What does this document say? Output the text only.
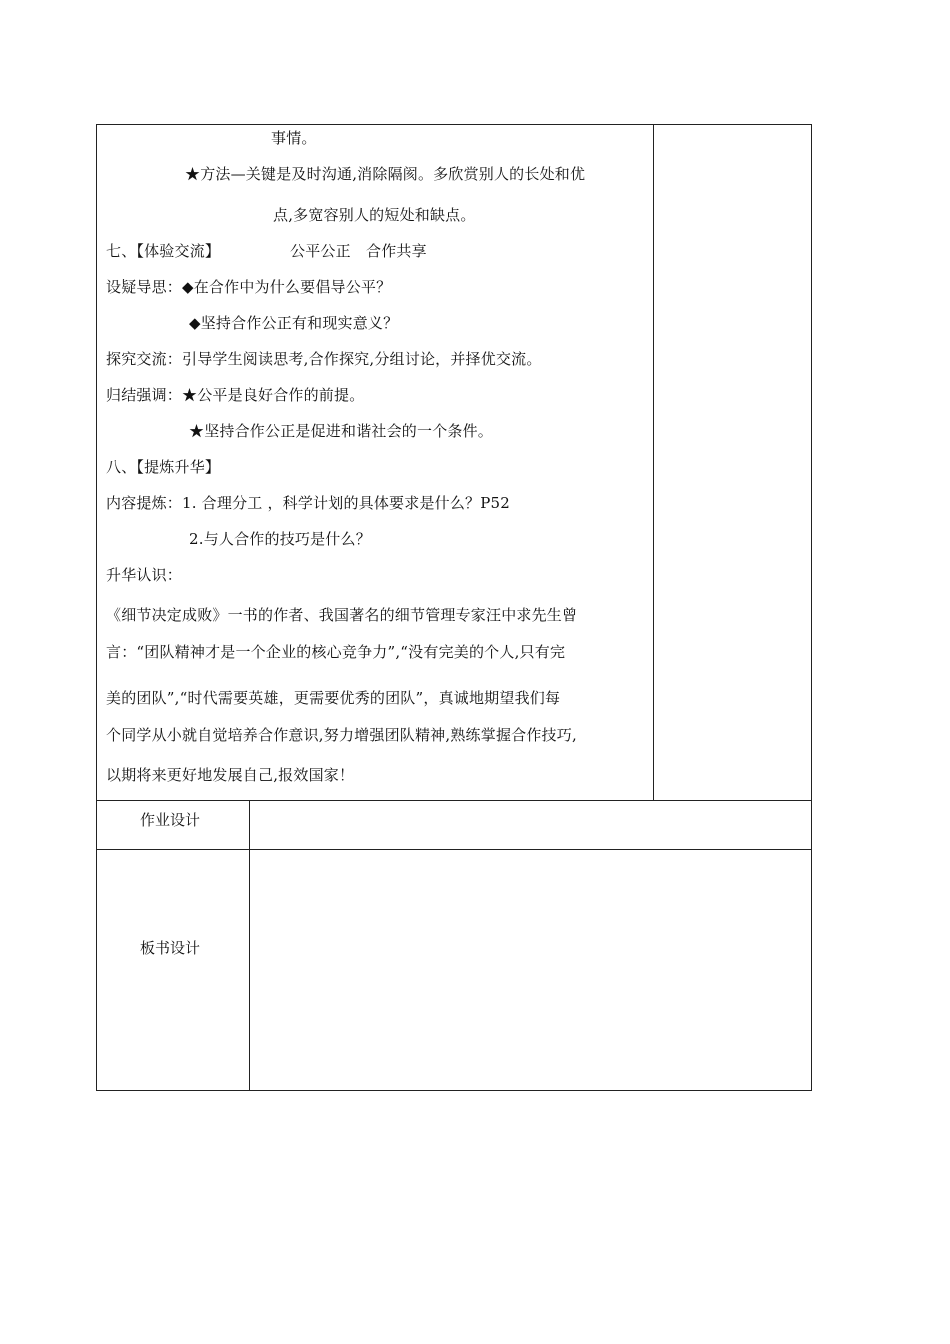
事情。
★方法—关键是及时沟通,消除隔阂。多欣赏别人的长处和优
点,多宽容别人的短处和缺点。
七、【体验交流】	公平公正　合作共享
设疑导思：◆在合作中为什么要倡导公平？
◆坚持合作公正有和现实意义？
探究交流：引导学生阅读思考,合作探究,分组讨论，并择优交流。
归结强调：★公平是良好合作的前提。
★坚持合作公正是促进和谐社会的一个条件。
八、【提炼升华】
内容提炼：1. 合理分工 ，科学计划的具体要求是什么？P52
2.与人合作的技巧是什么？
升华认识：
《细节决定成败》一书的作者、我国著名的细节管理专家汪中求先生曾
言：“团队精神才是一个企业的核心竞争力”,“没有完美的个人,只有完
美的团队”,“时代需要英雄，更需要优秀的团队”，真诚地期望我们每
个同学从小就自觉培养合作意识,努力增强团队精神,熟练掌握合作技巧,
以期将来更好地发展自己,报效国家！
作业设计
板书设计
